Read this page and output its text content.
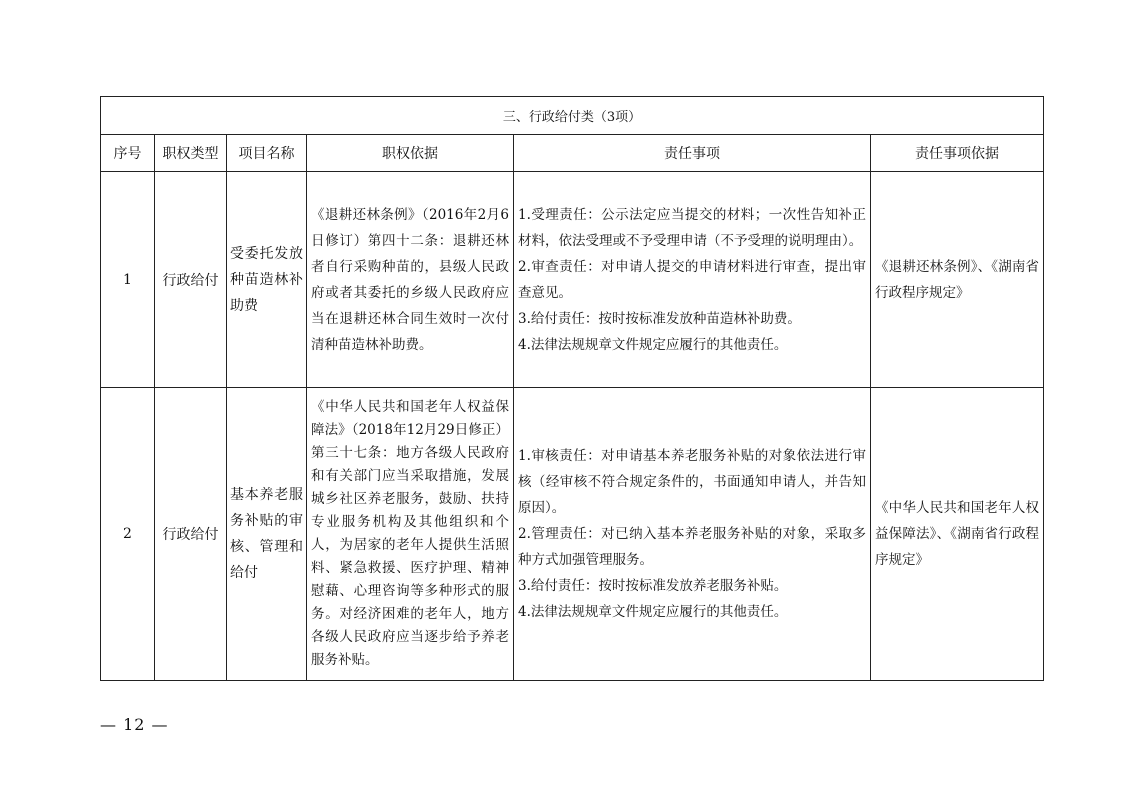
三、行政给付类（3项）					
序号	职权类型	项目名称	职权依据	责任事项	责任事项依据
1	行政给付	受委托发放种苗造林补助费	《退耕还林条例》（2016年2月6日修订）第四十二条：退耕还林者自行采购种苗的，县级人民政府或者其委托的乡级人民政府应当在退耕还林合同生效时一次付清种苗造林补助费。	1.受理责任：公示法定应当提交的材料；一次性告知补正材料，依法受理或不予受理申请（不予受理的说明理由）。

2.审查责任：对申请人提交的申请材料进行审查，提出审查意见。

3.给付责任：按时按标准发放种苗造林补助费。

4.法律法规规章文件规定应履行的其他责任。	《退耕还林条例》、《湖南省行政程序规定》
2	行政给付	基本养老服务补贴的审核、管理和给付	《中华人民共和国老年人权益保障法》（2018年12月29日修正）第三十七条：地方各级人民政府和有关部门应当采取措施，发展城乡社区养老服务，鼓励、扶持专业服务机构及其他组织和个人，为居家的老年人提供生活照料、紧急救援、医疗护理、精神慰藉、心理咨询等多种形式的服务。对经济困难的老年人，地方各级人民政府应当逐步给予养老服务补贴。	1.审核责任：对申请基本养老服务补贴的对象依法进行审核（经审核不符合规定条件的，书面通知申请人，并告知原因）。

2.管理责任：对已纳入基本养老服务补贴的对象，采取多种方式加强管理服务。

3.给付责任：按时按标准发放养老服务补贴。

4.法律法规规章文件规定应履行的其他责任。	《中华人民共和国老年人权益保障法》、《湖南省行政程序规定》
— 12 —
